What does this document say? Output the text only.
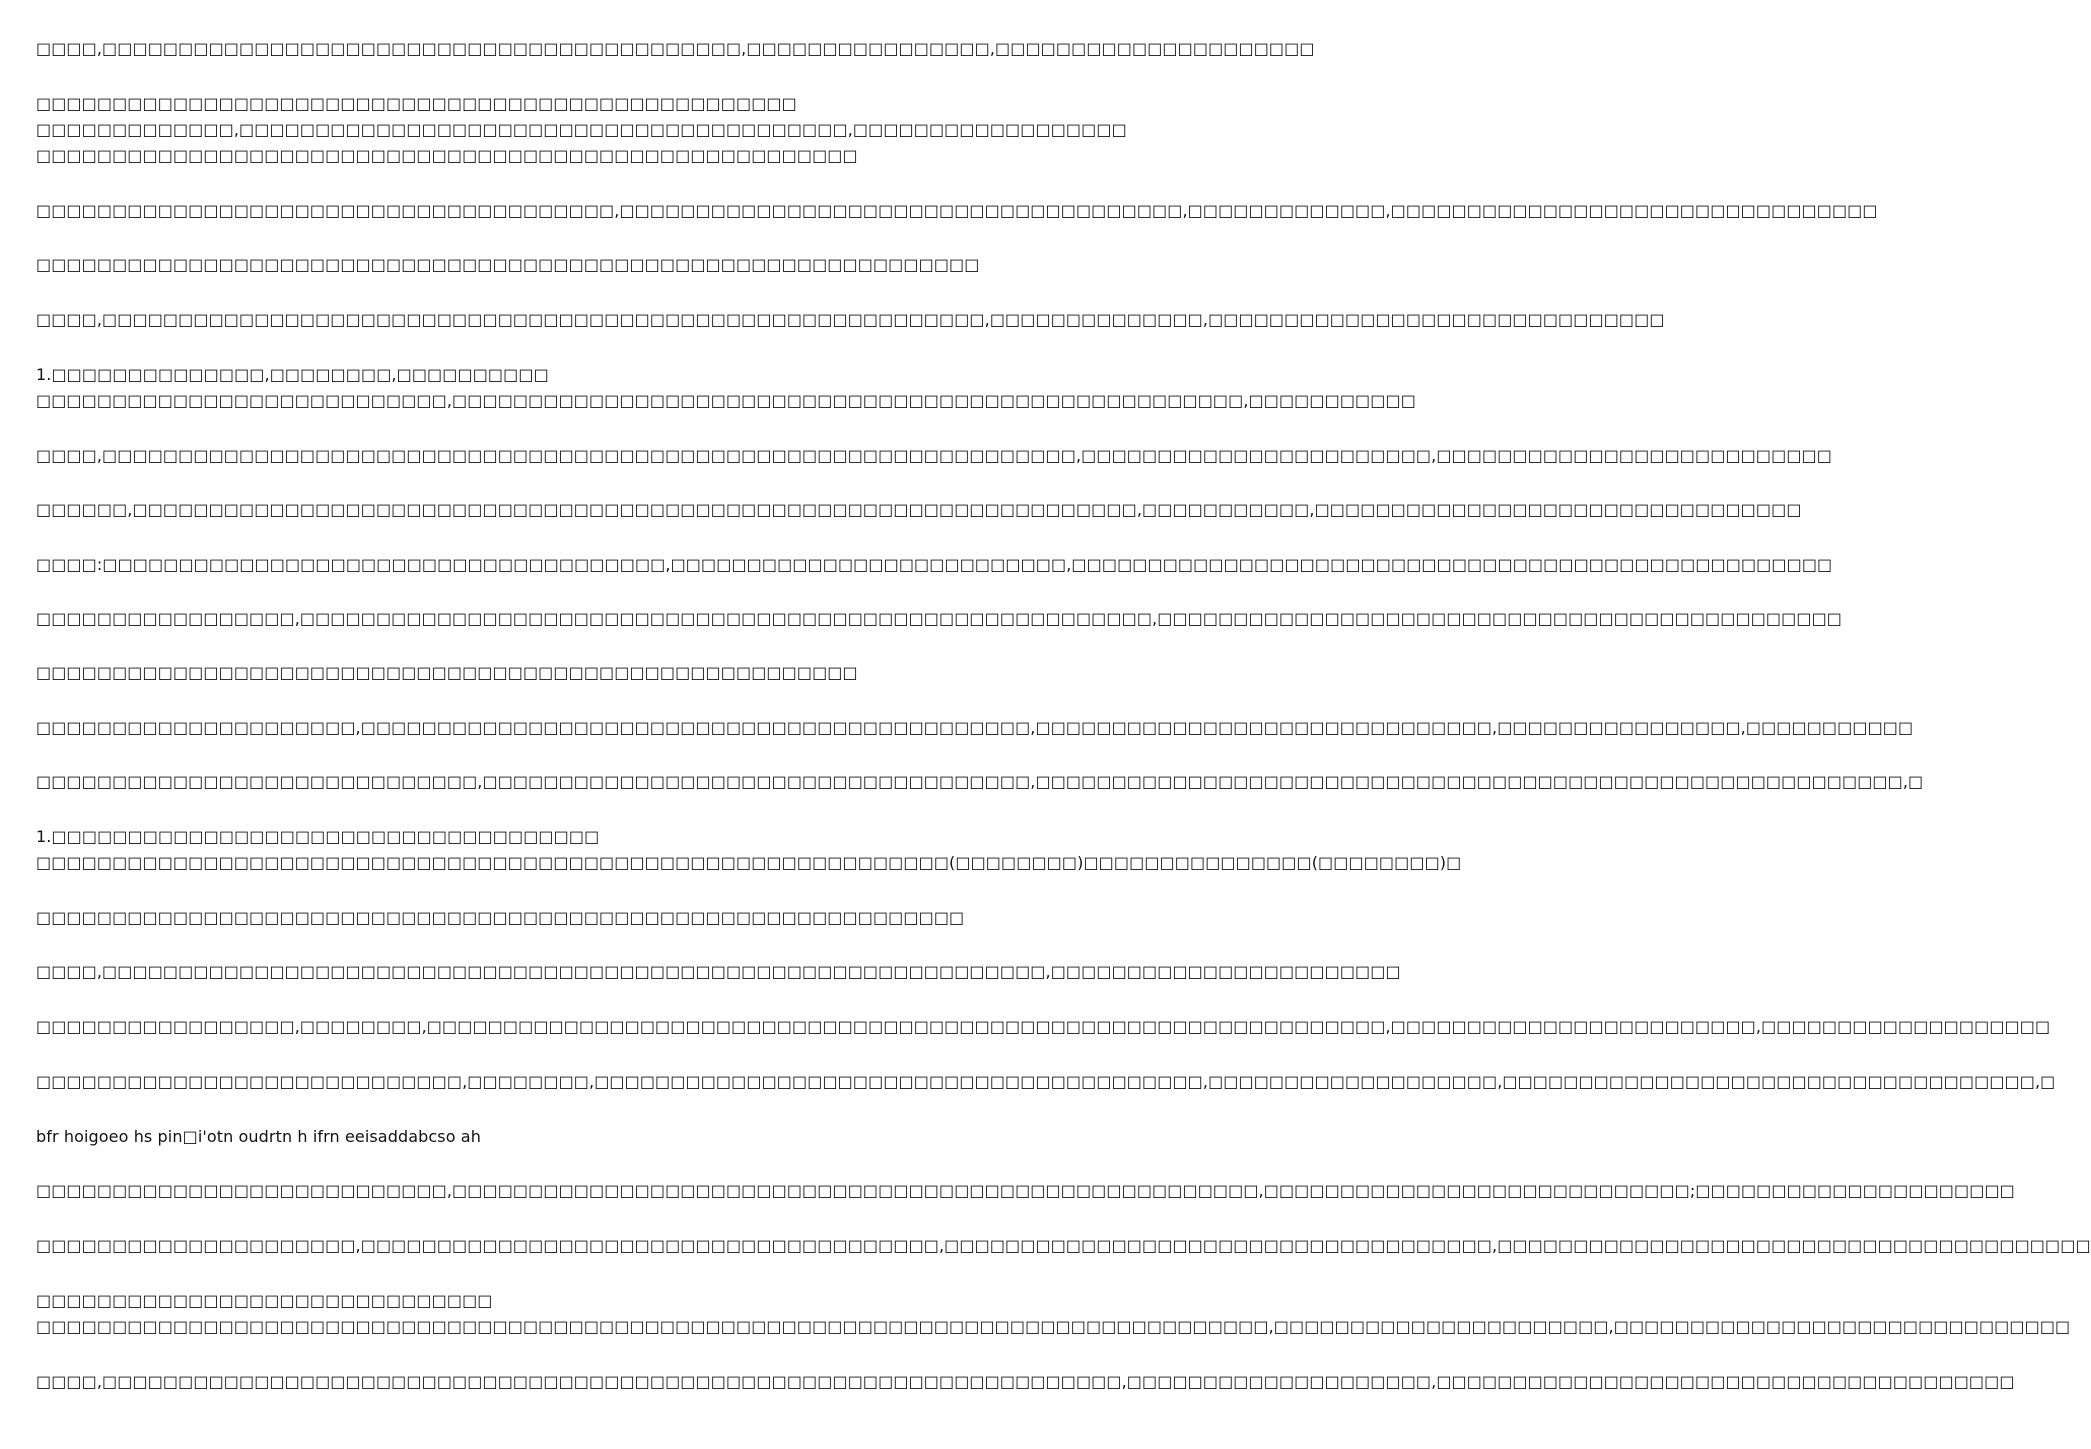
□□□□,□□□□□□□□□□□□□□□□□□□□□□□□□□□□□□□□□□□□□□□□□□,□□□□□□□□□□□□□□□□,□□□□□□□□□□□□□□□□□□□□□
□□□□□□□□□□□□□□□□□□□□□□□□□□□□□□□□□□□□□□□□□□□□□□□□□□
□□□□□□□□□□□□□,□□□□□□□□□□□□□□□□□□□□□□□□□□□□□□□□□□□□□□□□,□□□□□□□□□□□□□□□□□□
□□□□□□□□□□□□□□□□□□□□□□□□□□□□□□□□□□□□□□□□□□□□□□□□□□□□□□
□□□□□□□□□□□□□□□□□□□□□□□□□□□□□□□□□□□□□□,□□□□□□□□□□□□□□□□□□□□□□□□□□□□□□□□□□□□□,□□□□□□□□□□□□□,□□□□□□□□□□□□□□□□□□□□□□□□□□□□□□□□
□□□□□□□□□□□□□□□□□□□□□□□□□□□□□□□□□□□□□□□□□□□□□□□□□□□□□□□□□□□□□□
□□□□,□□□□□□□□□□□□□□□□□□□□□□□□□□□□□□□□□□□□□□□□□□□□□□□□□□□□□□□□□□,□□□□□□□□□□□□□□,□□□□□□□□□□□□□□□□□□□□□□□□□□□□□□
1.□□□□□□□□□□□□□□,□□□□□□□□,□□□□□□□□□□
□□□□□□□□□□□□□□□□□□□□□□□□□□□,□□□□□□□□□□□□□□□□□□□□□□□□□□□□□□□□□□□□□□□□□□□□□□□□□□□□,□□□□□□□□□□□
□□□□,□□□□□□□□□□□□□□□□□□□□□□□□□□□□□□□□□□□□□□□□□□□□□□□□□□□□□□□□□□□□□□□□,□□□□□□□□□□□□□□□□□□□□□□□,□□□□□□□□□□□□□□□□□□□□□□□□□□
□□□□□□,□□□□□□□□□□□□□□□□□□□□□□□□□□□□□□□□□□□□□□□□□□□□□□□□□□□□□□□□□□□□□□□□□□,□□□□□□□□□□□,□□□□□□□□□□□□□□□□□□□□□□□□□□□□□□□□
□□□□:□□□□□□□□□□□□□□□□□□□□□□□□□□□□□□□□□□□□□,□□□□□□□□□□□□□□□□□□□□□□□□□□,□□□□□□□□□□□□□□□□□□□□□□□□□□□□□□□□□□□□□□□□□□□□□□□□□□
□□□□□□□□□□□□□□□□□,□□□□□□□□□□□□□□□□□□□□□□□□□□□□□□□□□□□□□□□□□□□□□□□□□□□□□□□□,□□□□□□□□□□□□□□□□□□□□□□□□□□□□□□□□□□□□□□□□□□□□□
□□□□□□□□□□□□□□□□□□□□□□□□□□□□□□□□□□□□□□□□□□□□□□□□□□□□□□
□□□□□□□□□□□□□□□□□□□□□,□□□□□□□□□□□□□□□□□□□□□□□□□□□□□□□□□□□□□□□□□□□□,□□□□□□□□□□□□□□□□□□□□□□□□□□□□□□,□□□□□□□□□□□□□□□□,□□□□□□□□□□□
□□□□□□□□□□□□□□□□□□□□□□□□□□□□□,□□□□□□□□□□□□□□□□□□□□□□□□□□□□□□□□□□□□,□□□□□□□□□□□□□□□□□□□□□□□□□□□□□□□□□□□□□□□□□□□□□□□□□□□□□□□□□,□
1.□□□□□□□□□□□□□□□□□□□□□□□□□□□□□□□□□□□□
□□□□□□□□□□□□□□□□□□□□□□□□□□□□□□□□□□□□□□□□□□□□□□□□□□□□□□□□□□□□(□□□□□□□□)□□□□□□□□□□□□□□□(□□□□□□□□)□
□□□□□□□□□□□□□□□□□□□□□□□□□□□□□□□□□□□□□□□□□□□□□□□□□□□□□□□□□□□□□
□□□□,□□□□□□□□□□□□□□□□□□□□□□□□□□□□□□□□□□□□□□□□□□□□□□□□□□□□□□□□□□□□□□,□□□□□□□□□□□□□□□□□□□□□□□
□□□□□□□□□□□□□□□□□,□□□□□□□□,□□□□□□□□□□□□□□□□□□□□□□□□□□□□□□□□□□□□□□□□□□□□□□□□□□□□□□□□□□□□□□□,□□□□□□□□□□□□□□□□□□□□□□□□,□□□□□□□□□□□□□□□□□□□
□□□□□□□□□□□□□□□□□□□□□□□□□□□□,□□□□□□□□,□□□□□□□□□□□□□□□□□□□□□□□□□□□□□□□□□□□□□□□□,□□□□□□□□□□□□□□□□□□□,□□□□□□□□□□□□□□□□□□□□□□□□□□□□□□□□□□□,□
bfr hoigoeo hs pin□i'otn oudrtn h ifrn eeisaddabcso ah
□□□□□□□□□□□□□□□□□□□□□□□□□□□,□□□□□□□□□□□□□□□□□□□□□□□□□□□□□□□□□□□□□□□□□□□□□□□□□□□□□,□□□□□□□□□□□□□□□□□□□□□□□□□□□□;□□□□□□□□□□□□□□□□□□□□□
□□□□□□□□□□□□□□□□□□□□□,□□□□□□□□□□□□□□□□□□□□□□□□□□□□□□□□□□□□□□,□□□□□□□□□□□□□□□□□□□□□□□□□□□□□□□□□□□□,□□□□□□□□□□□□□□□□□□□□□□□□□□□□□□□□□□□□□□□
□□□□□□□□□□□□□□□□□□□□□□□□□□□□□□
□□□□□□□□□□□□□□□□□□□□□□□□□□□□□□□□□□□□□□□□□□□□□□□□□□□□□□□□□□□□□□□□□□□□□□□□□□□□□□□□□,□□□□□□□□□□□□□□□□□□□□□□,□□□□□□□□□□□□□□□□□□□□□□□□□□□□□□
□□□□,□□□□□□□□□□□□□□□□□□□□□□□□□□□□□□□□□□□□□□□□□□□□□□□□□□□□□□□□□□□□□□□□□□□,□□□□□□□□□□□□□□□□□□□□,□□□□□□□□□□□□□□□□□□□□□□□□□□□□□□□□□□□□□□
